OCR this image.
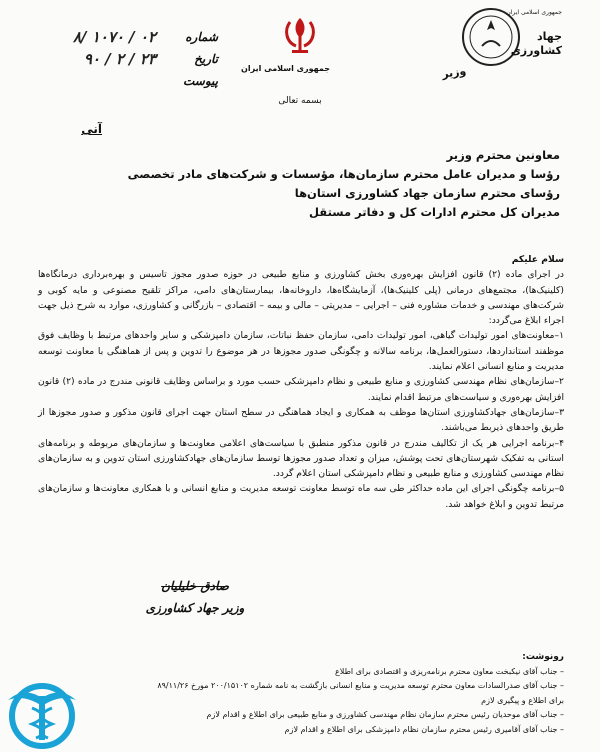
جمهوری اسلامی ایران
جهاد کشاورزی
وزیر
جمهوری اسلامی ایران
شماره
۸/ ۱۰۷۰ / ۰۲
تاریخ
۹۰ / ۲ / ۲۳
پیوست
بسمه تعالی
آنی
معاونین محترم وزیر
رؤسا و مدیران عامل محترم سازمان‌ها، مؤسسات و شرکت‌های مادر تخصصی
رؤسای محترم سازمان جهاد کشاورزی استان‌ها
مدیران کل محترم ادارات کل و دفاتر مستقل

سلام علیکم

در اجرای ماده (۲) قانون افزایش بهره‌وری بخش کشاورزی و منابع طبیعی در حوزه صدور مجوز تاسیس و بهره‌برداری درمانگاه‌ها (کلینیک‌ها)، مجتمع‌های درمانی (پلی کلینیک‌ها)، آزمایشگاه‌ها، داروخانه‌ها، بیمارستان‌های دامی، مراکز تلقیح مصنوعی و مایه کوبی و شرکت‌های مهندسی و خدمات مشاوره فنی – اجرایی – مدیریتی – مالی و بیمه – اقتصادی – بازرگانی و کشاورزی، موارد به شرح ذیل جهت اجراء ابلاغ می‌گردد:

۱–معاونت‌های امور تولیدات گیاهی، امور تولیدات دامی، سازمان حفظ نباتات، سازمان دامپزشکی و سایر واحدهای مرتبط با وظایف فوق موظفند استانداردها، دستورالعمل‌ها، برنامه سالانه و چگونگی صدور مجوزها در هر موضوع را تدوین و پس از هماهنگی با معاونت توسعه مدیریت و منابع انسانی اعلام نمایند.

۲–سازمان‌های نظام مهندسی کشاورزی و منابع طبیعی و نظام دامپزشکی حسب مورد و براساس وظایف قانونی مندرج در ماده (۲) قانون افزایش بهره‌وری و سیاست‌های مرتبط اقدام نمایند.

۳–سازمان‌های جهادکشاورزی استان‌ها موظف به همکاری و ایجاد هماهنگی در سطح استان جهت اجرای قانون مذکور و صدور مجوزها از طریق واحدهای ذیربط می‌باشند.

۴–برنامه اجرایی هر یک از تکالیف مندرج در قانون مذکور منطبق با سیاست‌های اعلامی معاونت‌ها و سازمان‌های مربوطه و برنامه‌های استانی به تفکیک شهرستان‌های تحت پوشش، میزان و تعداد صدور مجوزها توسط سازمان‌های جهادکشاورزی استان تدوین و به سازمان‌های نظام مهندسی کشاورزی و منابع طبیعی و نظام دامپزشکی استان اعلام گردد.

۵–برنامه چگونگی اجرای این ماده حداکثر طی سه ماه توسط معاونت توسعه مدیریت و منابع انسانی و با همکاری معاونت‌ها و سازمان‌های مرتبط تدوین و ابلاغ خواهد شد.

صادق خلیلیان
وزیر جهاد کشاورزی
رونوشت:
– جناب آقای نیکبخت معاون محترم برنامه‌ریزی و اقتصادی برای اطلاع
– جناب آقای صدرالسادات معاون محترم توسعه مدیریت و منابع انسانی بازگشت به نامه شماره ۲۰۰/۱۵۱۰۲ مورخ ۸۹/۱۱/۲۶
برای اطلاع و پیگیری لازم
– جناب آقای موحدیان رئیس محترم سازمان نظام مهندسی کشاورزی و منابع طبیعی برای اطلاع و اقدام لازم
– جناب آقای آقامیری رئیس محترم سازمان نظام دامپزشکی برای اطلاع و اقدام لازم
